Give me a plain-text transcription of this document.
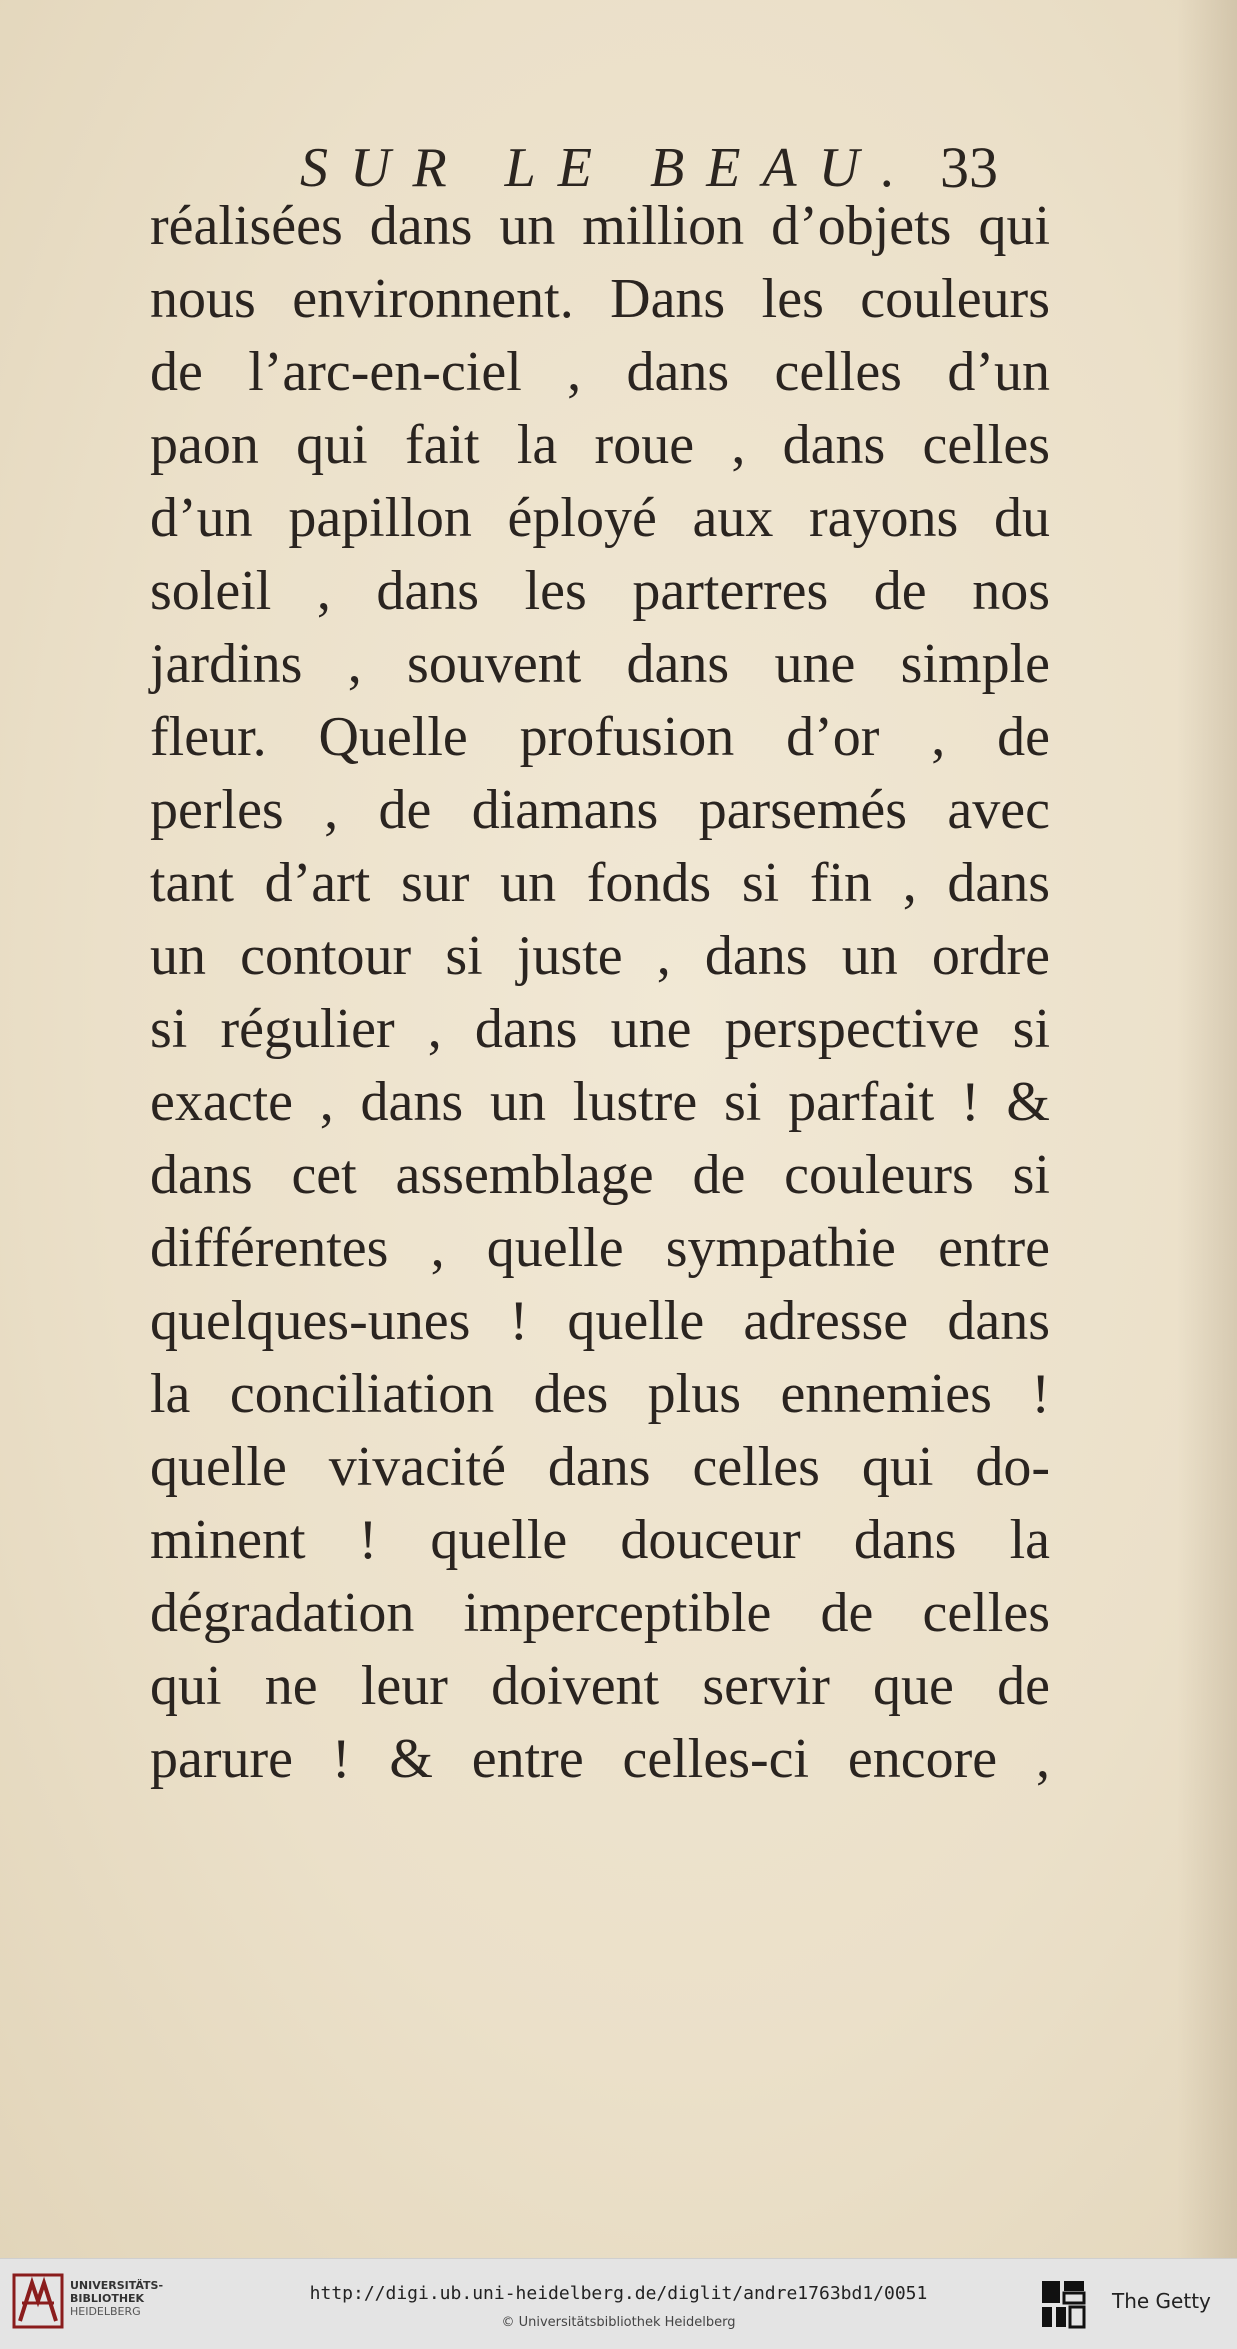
SUR LE BEAU. 33
réalisées dans un million d’objets qui
nous environnent. Dans les couleurs
de l’arc-en-ciel , dans celles d’un
paon qui fait la roue , dans celles
d’un papillon éployé aux rayons du
soleil , dans les parterres de nos
jardins , souvent dans une simple
fleur. Quelle profusion d’or , de
perles , de diamans parsemés avec
tant d’art sur un fonds si fin , dans
un contour si juste , dans un ordre
si régulier , dans une perspective si
exacte , dans un lustre si parfait ! &
dans cet assemblage de couleurs si
différentes , quelle sympathie entre
quelques-unes ! quelle adresse dans
la conciliation des plus ennemies !
quelle vivacité dans celles qui do-
minent ! quelle douceur dans la
dégradation imperceptible de celles
qui ne leur doivent servir que de
parure ! & entre celles-ci encore ,
UNIVERSITÄTS-
BIBLIOTHEK
HEIDELBERG
http://digi.ub.uni-heidelberg.de/diglit/andre1763bd1/0051
© Universitätsbibliothek Heidelberg
The Getty
